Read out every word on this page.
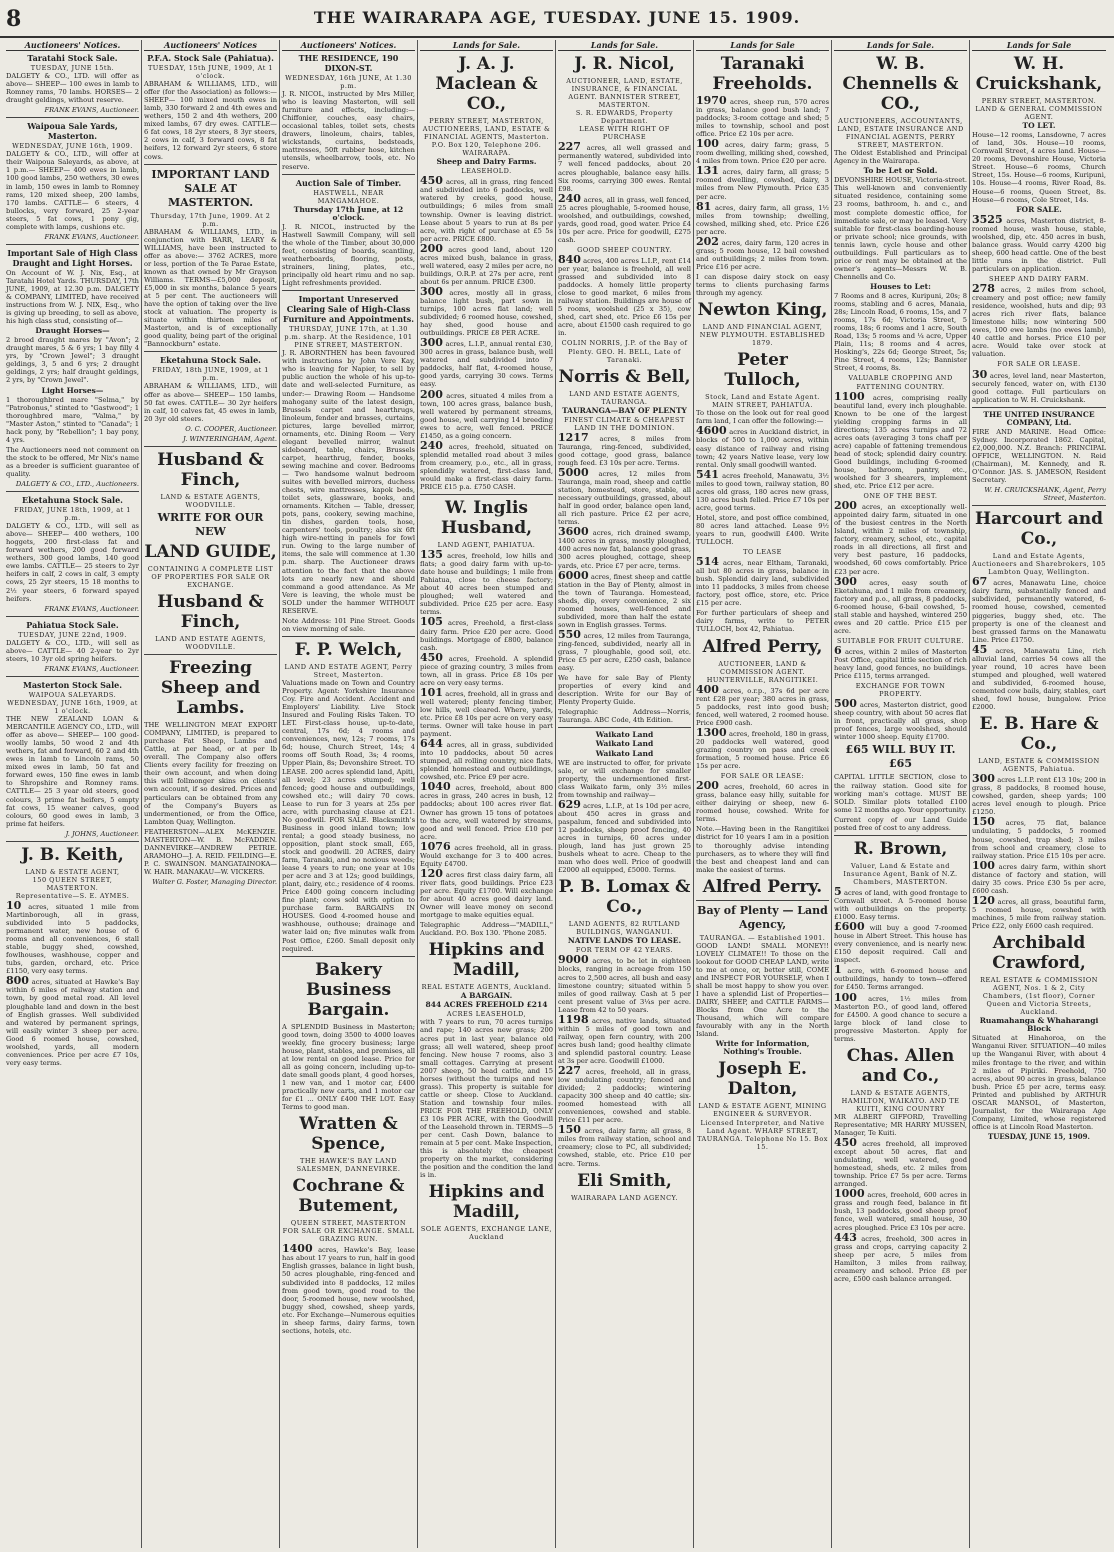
8	THE WAIRARAPA AGE, TUESDAY. JUNE 15. 1909.
Auctioneers' Notices.
Taratahi Stock Sale.
TUESDAY, JUNE 15th.

DALGETY & CO., LTD. will offer as above— SHEEP— 100 ewes in lamb to Romney rams, 70 lambs. HORSES— 2 draught geldings, without reserve.

FRANK EVANS, Auctioneer.
Waipoua Sale Yards, Masterton.
WEDNESDAY, JUNE 16th, 1909.

DALGETY & CO., LTD., will offer at their Waipoua Saleyards, as above, at 1 p.m.— SHEEP— 400 ewes in lamb, 100 good lambs, 250 wethers, 30 ewes in lamb, 150 ewes in lamb to Romney rams, 120 mixed sheep, 200 lambs, 170 lambs. CATTLE— 6 steers, 4 bullocks, very forward, 25 2-year steers, 5 fat cows, 1 pony gig, complete with lamps, cushions etc.

FRANK EVANS, Auctioneer.
Important Sale of High Class Draught and Light Horses.

On Account of W. J. Nix, Esq., at Taratahi Hotel Yards. THURSDAY, 17th JUNE, 1909, at 12.30 p.m. DALGETY & COMPANY, LIMITED, have received instructions from W. J. NIX, Esq., who is giving up breeding, to sell as above, his high class stud, consisting of—

Draught Horses—

2 brood draught mares by "Avon"; 2 draught mares, 5 & 6 yrs; 1 bay filly 4 yrs, by "Crown Jewel"; 3 draught geldings, 3, 5 and 6 yrs; 2 draught geldings, 2 yrs; half draught geldings, 2 yrs, by "Crown Jewel".

Light Horses—

1 thoroughbred mare "Selma," by "Patrobonus," stinted to "Gastwood"; 1 thoroughbred mare, "Valma," by "Master Aston," stinted to "Canada"; 1 hack pony, by "Rebellion"; 1 bay pony, 4 yrs.

The Auctioneers need not comment on the stock to be offered, Mr Nix's name as a breeder is sufficient guarantee of quality.

DALGETY & CO., LTD., Auctioneers.
Eketahuna Stock Sale.
FRIDAY, JUNE 18th, 1909, at 1 p.m.

DALGETY & CO., LTD., will sell as above— SHEEP— 400 wethers, 100 hoggets, 200 first-class fat and forward wethers, 200 good forward wethers, 300 good lambs, 140 good ewe lambs. CATTLE— 25 steers to 2yr heifers in calf, 2 cows in calf, 3 empty cows, 25 2yr steers, 15 18 months to 2½ year steers, 6 forward spayed heifers.

FRANK EVANS, Auctioneer.
Pahiatua Stock Sale.
TUESDAY, JUNE 22nd, 1909.

DALGETY & CO., LTD., will sell as above— CATTLE— 40 2-year to 2yr steers, 10 3yr old spring heifers.

FRANK EVANS, Auctioneer.
Masterton Stock Sale.
WAIPOUA SALEYARDS.
WEDNESDAY, JUNE 16th, 1909, at 1 o'clock.

THE NEW ZEALAND LOAN & MERCANTILE AGENCY CO., LTD., will offer as above— SHEEP— 100 good-woolly lambs, 50 wood 2 and 4th wethers, fat and forward, 60 2 and 4th ewes in lamb to Lincoln rams, 50 mixed ewes in lamb, 50 fat and forward ewes, 150 fine ewes in lamb to Shropshire and Romney rams. CATTLE— 25 3 year old steers, good colours, 3 prime fat heifers, 5 empty fat cows, 15 weaner calves, good colours, 60 good ewes in lamb, 3 prime fat heifers.

J. JOHNS, Auctioneer.
J. B. Keith,
LAND & ESTATE AGENT,
150 QUEEN STREET, MASTERTON.
Representative—S. E. AYMES.

10 acres, situated 1 mile from Martinborough, all in grass, subdivided into 5 paddocks, permanent water, new house of 6 rooms and all conveniences, 6 stall stable, buggy shed, cowshed, fowlhouses, washhouse, copper and tubs, garden, orchard, etc. Price £1150, very easy terms.

800 acres, situated at Hawke's Bay within 6 miles of railway station and town, by good metal road. All level ploughable land and down in the best of English grasses. Well subdivided and watered by permanent springs, will easily winter 3 sheep per acre. Good 6 roomed house, cowshed, woolshed, yards, all modern conveniences. Price per acre £7 10s, very easy terms.

Auctioneers' Notices
P.F.A. Stock Sale (Pahiatua).
TUESDAY, 15th JUNE, 1909, At 1 o'clock.

ABRAHAM & WILLIAMS, LTD., will offer (for the Association) as follows:— SHEEP— 100 mixed mouth ewes in lamb, 330 forward 2 and 4th ewes and wethers, 150 2 and 4th wethers, 200 mixed lambs, 67 dry ewes. CATTLE— 6 fat cows, 18 2yr steers, 8 3yr steers, 2 cows in calf, 3 forward cows, 8 fat heifers, 12 forward 2yr steers, 6 store cows.

IMPORTANT LAND SALE AT MASTERTON.
Thursday, 17th June, 1909. At 2 p.m.

ABRAHAM & WILLIAMS, LTD., in conjunction with BARR, LEARY & WILLIAMS, have been instructed to offer as above:— 3762 ACRES, more or less, portion of the Te Parae Estate, known as that owned by Mr Grayson Williams. TERMS—£5,000 deposit, £5,000 in six months, balance 5 years at 5 per cent. The auctioneers will have the option of taking over the live stock at valuation. The property is situate within thirteen miles of Masterton, and is of exceptionally good quality, being part of the original "Bannockburn" estate.

Eketahuna Stock Sale.
FRIDAY, 18th JUNE, 1909, at 1 p.m.

ABRAHAM & WILLIAMS, LTD., will offer as above— SHEEP— 150 lambs, 50 fat ewes. CATTLE— 30 2yr heifers in calf, 10 calves fat, 45 ewes in lamb, 20 3yr old steers.

O. C. COOPER, Auctioneer.
J. WINTERINGHAM, Agent.
Husband & Finch,
LAND & ESTATE AGENTS, WOODVILLE.
WRITE FOR OUR NEW
LAND GUIDE,
CONTAINING A COMPLETE LIST OF PROPERTIES FOR SALE OR EXCHANGE.
Husband & Finch,
LAND AND ESTATE AGENTS, WOODVILLE.
Freezing Sheep and Lambs.

THE WELLINGTON MEAT EXPORT COMPANY, LIMITED, is prepared to purchase Fat Sheep, Lambs and Cattle, at per head, or at per lb overall. The Company also offers Clients every facility for freezing on their own account, and when doing this will follmonger skins on clients' own account, if so desired. Prices and particulars can be obtained from any of the Company's Buyers as undermentioned, or from the Office, Lambton Quay, Wellington.

FEATHERSTON—ALEX McKENZIE. MASTERTON—W. B. McFADDEN. DANNEVIRKE—ANDREW PETRIE. ARAMOHO—J. A. REID. FEILDING—E. P. C. SWAINSON. MANGATAINOKA—W. HAIR. MANAKAU—W. VICKERS.

Walter G. Foster, Managing Director.
Auctioneers' Notices.
THE RESIDENCE, 190 DIXON-ST.
WEDNESDAY, 16th JUNE, At 1.30 p.m.

J. R. NICOL, instructed by Mrs Miller, who is leaving Masterton, will sell furniture and effects, including:—Chiffonier, couches, easy chairs, occasional tables, toilet sets, chests drawers, linoleum, chairs, tables, wickstands, curtains, bedsteads, mattresses, 50ft rubber hose, kitchen utensils, wheelbarrow, tools, etc. No reserve.

Auction Sale of Timber.
HASTWELL, NEAR MANGAMAHOE.
Thursday 17th June, at 12 o'clock.

J. R. NICOL, instructed by the Hastwell Sawmill Company, will sell the whole of the Timber, about 30,000 feet, consisting of boards, scantling, weatherboards, flooring, posts, strainers, lining, plates, etc., principally old heart rimu and no sap. Light refreshments provided.

Important Unreserved Clearing Sale of High-Class Furniture and Appointments.
THURSDAY, JUNE 17th, at 1.30 p.m. sharp. At the Residence, 101 PINE STREET, MASTERTON.

J. R. ABORNTHEN has been favoured with instructions by John Vere Kay, who is leaving for Napier, to sell by public auction the whole of his up-to-date and well-selected Furniture, as under:— Drawing Room — Handsome mahogany suite of the latest design, Brussels carpet and hearthrugs, linoleum, fender and brasses, curtains, pictures, large bevelled mirror, ornaments, etc. Dining Room — Very elegant bevelled mirror, walnut sideboard, table, chairs, Brussels carpet, hearthrug, fender, books, sewing machine and cover. Bedrooms — Two handsome walnut bedroom suites with bevelled mirrors, duchess chests, wire mattresses, kapok beds, toilet sets, glassware, books, and ornaments. Kitchen — Table, dresser, pots, pans, cookery, sewing machine, tin dishes, garden tools, hose, carpenters' tools, poultry; also six 6ft high wire-netting in panels for fowl run. Owing to the large number of items, the sale will commence at 1.30 p.m. sharp. The Auctioneer draws attention to the fact that the above lots are nearly new and should command a good attendance. As Mr Vere is leaving, the whole must be SOLD under the hammer WITHOUT RESERVE.

Note Address: 101 Pine Street. Goods on view morning of sale.

F. P. Welch,
LAND AND ESTATE AGENT, Perry Street, Masterton.

Valuations made on Town and Country Property. Agent: Yorkshire Insurance Coy. Fire and Accident. Accident and Employers' Liability. Live Stock Insured and Fouling Risks Taken. TO LET. First-class house, up-to-date, central, 17s 6d; 4 rooms and conveniences, new, 12s; 7 rooms, 17s 6d; house, Church Street, 14s; 4 rooms off South Road, 3s; 4 rooms, Upper Plain, 8s; Devonshire Street. TO LEASE. 200 acres splendid land, Apiti, all level; 23 acres stumped; well fenced; good house and outbuildings, cowshed etc.; will dairy 70 cows. Lease to run for 3 years at 25s per acre, with purchasing clause at £21. No goodwill. FOR SALE. Blacksmith's Business in good inland town; low rental; a good steady business, no opposition, plant stock small, £65, stock and goodwill. 20 ACRES, dairy farm, Taranaki, and no noxious weeds; lease 4 years to run; one year at 10s per acre and 3 at 12s; good buildings, plant, dairy, etc.; residence of 4 rooms. Price £400 going concern including fine plant; cows sold with option to purchase farm. BARGAINS IN HOUSES. Good 4-roomed house and washhouse, outhouse; drainage and water laid on; five minutes walk from Post Office, £260. Small deposit only required.

Bakery Business Bargain.

A SPLENDID Business in Masterton; good town, doing 3500 to 4000 loaves weekly, fine grocery business; large house, plant, stables, and premises, all at low rental on good lease. Price for all as going concern, including up-to-date small goods plant, 4 good horses, 1 new van, and 1 motor car, £400 practically new carts, and 1 motor car for £1 ... ONLY £400 THE LOT. Easy Terms to good man.

Wratten & Spence,
THE HAWKE'S BAY LAND SALESMEN, DANNEVIRKE.
Cochrane & Butement,
QUEEN STREET, MASTERTON
FOR SALE OR EXCHANGE. SMALL GRAZING RUN.

1400 acres, Hawke's Bay, lease has about 17 years to run, half in good English grasses, balance in light bush, 50 acres ploughable, ring-fenced and subdivided into 8 paddocks, 12 miles from good town, good road to the door, 5-roomed house, new woolshed, buggy shed, cowshed, sheep yards, etc. For Exchange—Numerous equities in sheep farms, dairy farms, town sections, hotels, etc.

Lands for Sale.
J. A. J. Maclean & CO.,
PERRY STREET, MASTERTON, AUCTIONEERS, LAND, ESTATE & FINANCIAL AGENTS, Masterton. P.O. Box 120, Telephone 206. WAIRARAPA.
Sheep and Dairy Farms.
LEASEHOLD.

450 acres, all in grass, ring fenced and subdivided into 6 paddocks, well watered by creeks, good house, outbuildings; 6 miles from small township. Owner is leaving district. Lease about 5 years to run at 8s per acre, with right of purchase at £5 5s per acre. PRICE £800.

200 acres good land, about 120 acres mixed bush, balance in grass, well watered, easy 2 miles per acre, no buildings, O.R.P. at 27s per acre, rent about 6s per annum. PRICE £300.

300 acres, mostly all in grass, balance light bush, part sown in turnips, 100 acres flat land; well subdivided; 6 roomed house, cowshed, hay shed, good house and outbuildings. PRICE £8 PER ACRE.

300 acres, L.I.P., annual rental £30, 300 acres in grass, balance bush, well watered and subdivided into 7 paddocks, half flat, 4-roomed house, good yards, carrying 30 cows. Terms easy.

200 acres, situated 4 miles from a town, 100 acres grass, balance bush, well watered by permanent streams, good house, well carrying 14 breeding ewes to acre, well fenced. PRICE £1450, as a going concern.

240 acres, freehold, situated on splendid metalled road about 3 miles from creamery, p.o., etc., all in grass, splendidly watered, first-class land, would make a first-class dairy farm. PRICE £15 p.a. £750 CASH.

W. Inglis Husband,
LAND AGENT, PAHIATUA.

135 acres, freehold, low hills and flats; a good dairy farm with up-to-date house and buildings; 1 mile from Pahiatua, close to cheese factory; about 40 acres been stumped and ploughed; well watered and subdivided. Price £25 per acre. Easy terms.

105 acres, Freehold, a first-class dairy farm. Price £20 per acre. Good buildings. Mortgage of £800, balance cash.

450 acres, Freehold. A splendid piece of grazing country, 3 miles from town, all in grass. Price £8 10s per acre on very easy terms.

101 acres, freehold, all in grass and well watered; plenty fencing timber, low hills, well cleared. Where, yards, etc. Price £8 10s per acre on very easy terms. Owner will take house in part payment.

644 acres, all in grass, subdivided into 10 paddocks, about 50 acres stumped, all rolling country, nice flats, splendid homestead and outbuildings, cowshed, etc. Price £9 per acre.

1040 acres, freehold, about 800 acres in grass, 240 acres in bush, 12 paddocks; about 100 acres river flat. Owner has grown 15 tons of potatoes to the acre, well watered by streams, good and well fenced. Price £10 per acre.

1076 acres freehold, all in grass. Would exchange for 3 to 400 acres. Equity £4700.

120 acres first class dairy farm, all river flats, good buildings. Price £23 per acre. Equity £1700. Will exchange for about 40 acres good dairy land. Owner will leave money on second mortgage to make equities equal.

Telegraphic Address—"MADILL," Auckland. P.O. Box 130. 'Phone 2085.

Hipkins and Madill,
REAL ESTATE AGENTS, Auckland.
A BARGAIN.
844 ACRES FREEHOLD £214
ACRES LEASEHOLD,

with 7 years to run, 70 acres turnips and rape; 140 acres new grass; 200 acres put in last year, balance old grass; all well watered, sheep proof fencing. New house 7 rooms, also 3 small cottages. Carrying at present 2007 sheep, 50 head cattle, and 15 horses (without the turnips and new grass). This property is suitable for cattle or sheep. Close to Auckland. Station and township four miles. PRICE FOR THE FREEHOLD, ONLY £3 10s PER ACRE, with the Goodwill of the Leasehold thrown in. TERMS—5 per cent. Cash Down, balance to remain at 5 per cent. Make Inspection, this is absolutely the cheapest property on the market, considering the position and the condition the land is in.

Hipkins and Madill,
SOLE AGENTS, EXCHANGE LANE, Auckland
Lands for Sale.
J. R. Nicol,
AUCTIONEER, LAND, ESTATE, INSURANCE, & FINANCIAL AGENT. BANNISTER STREET, MASTERTON.
S. R. EDWARDS, Property Department.
LEASE WITH RIGHT OF PURCHASE

227 acres, all well grassed and permanently watered, subdivided into 7 well fenced paddocks, about 20 acres ploughable, balance easy hills. Six rooms, carrying 300 ewes. Rental £98.

240 acres, all in grass, well fenced, 25 acres ploughable, 5-roomed house, woolshed, and outbuildings, cowshed, yards, good road, good water. Price £4 10s per acre. Price for goodwill, £275 cash.

GOOD SHEEP COUNTRY.

840 acres, 400 acres L.I.P., rent £14 per year, balance is freehold, all well grassed and subdivided into 8 paddocks. A homely little property close to good market, 6 miles from railway station. Buildings are house of 5 rooms, woolshed (25 x 35), cow shed, cart shed, etc. Price £6 15s per acre, about £1500 cash required to go in.

COLIN NORRIS, J.P. of the Bay of Plenty. GEO. H. BELL, Late of Taranaki.
Norris & Bell,
LAND AND ESTATE AGENTS, TAURANGA.
TAURANGA—BAY OF PLENTY
FINEST CLIMATE & CHEAPEST LAND IN THE DOMINION.

1217 acres, 8 miles from Tauranga, ring-fenced, subdivided, good cottage, good grass, balance rough feed. £3 10s per acre. Terms.

5000 acres, 12 miles from Tauranga, main road, sheep and cattle station, homestead, store, stable, all necessary outbuildings, grassed, about half in good order, balance open land, all rich pasture. Price £2 per acre, terms.

3600 acres, rich drained swamp, 1400 acres in grass, mostly ploughed, 400 acres now fat, balance good grass, 300 acres ploughed, cottage, sheep yards, etc. Price £7 per acre, terms.

6000 acres, finest sheep and cattle station in the Bay of Plenty, almost in the town of Tauranga. Homestead, sheds, dip, every convenience, 2 six roomed houses, well-fenced and subdivided, more than half the estate sown in English grasses. Terms.

550 acres, 12 miles from Tauranga, ring-fenced, subdivided, nearly all in grass, 7 ploughable, good soil, etc. Price £5 per acre, £250 cash, balance easy.

We have for sale Bay of Plenty properties of every kind and description. Write for our Bay of Plenty Property Guide.

Telegraphic Address—Norris, Tauranga. ABC Code, 4th Edition.

Waikato Land
Waikato Land
Waikato Land

WE are instructed to offer, for private sale, or will exchange for smaller property, the undermentioned first-class Waikato farm, only 3½ miles from township and railway—

629 acres, L.I.P., at 1s 10d per acre, about 450 acres in grass and paspalum, fenced and subdivided into 12 paddocks, sheep proof fencing, 40 acres in turnips, 60 acres under plough, land has just grown 25 bushels wheat to acre. Cheap to the man who does well. Price of goodwill £2000 all equipped, £5000. Terms.

P. B. Lomax & Co.,
LAND AGENTS, 82 RUTLAND BUILDINGS, WANGANUI.
NATIVE LANDS TO LEASE.
FOR TERM OF 42 YEARS.

9000 acres, to be let in eighteen blocks, ranging in acreage from 150 acres to 2,500 acres, all bush and easy limestone country; situated within 5 miles of good railway. Cash at 5 per cent present value of 3¼s per acre. Lease from 42 to 50 years.

1198 acres, native lands, situated within 5 miles of good town and railway, open fern country, with 200 acres bush land; good healthy climate and splendid pastoral country. Lease at 3s per acre. Goodwill £1000.

227 acres, freehold, all in grass, low undulating country; fenced and divided; 2 paddocks; wintering capacity 300 sheep and 40 cattle; six-roomed homestead with all conveniences, cowshed and stable. Price £11 per acre.

150 acres, dairy farm; all grass, 8 miles from railway station, school and creamery; close to PC, all subdivided; cowshed, stable, etc. Price £10 per acre. Terms.

Eli Smith,
WAIRARAPA LAND AGENCY.
Lands for Sale
Taranaki Freeholds.

1970 acres, sheep run, 570 acres in grass, balance good bush land; 7 paddocks; 3-room cottage and shed; 5 miles to township, school and post office. Price £2 10s per acre.

100 acres, dairy farm; grass, 5 room dwelling, milking shed, cowshed, 4 miles from town. Price £20 per acre.

131 acres, dairy farm, all grass; 5 roomed dwelling, cowshed, dairy, 3 miles from New Plymouth. Price £35 per acre.

81 acres, dairy farm, all grass, 1½ miles from township; dwelling, cowshed, milking shed, etc. Price £26 per acre.

202 acres, dairy farm, 120 acres in grass; 5 room house, 12 bail cowshed and outbuildings; 2 miles from town. Price £16 per acre.

I can dispose dairy stock on easy terms to clients purchasing farms through my agency.

Newton King,
LAND AND FINANCIAL AGENT, NEW PLYMOUTH. ESTABLISHED 1879.
Peter Tulloch,
Stock, Land and Estate Agent. MAIN STREET, PAHIATUA.

To those on the look out for real good farm land, I can offer the following:—

4600 acres in Auckland district, in blocks of 500 to 1,000 acres, within easy distance of railway and rising town; 42 years Native lease, very low rental. Only small goodwill wanted.

541 acres freehold, Manawatu, 3½ miles to good town, railway station, 80 acres old grass, 180 acres new grass, 130 acres bush felled. Price £7 10s per acre, good terms.

Hotel, store, and post office combined, 80 acres land attached. Lease 9½ years to run, goodwill £400. Write TULLOCH.

TO LEASE

514 acres, near Eltham, Taranaki, all but 80 acres in grass, balance in bush. Splendid dairy land, subdivided into 11 paddocks, 3 miles from cheese factory, post office, store, etc. Price £15 per acre.

For further particulars of sheep and dairy farms, write to PETER TULLOCH, box 42, Pahiatua.

Alfred Perry,
AUCTIONEER, LAND & COMMISSION AGENT. HUNTERVILLE, RANGITIKEI.

400 acres, o.r.p., 37s 6d per acre rent £28 per year; 380 acres in grass, 5 paddocks, rest into good bush; fenced, well watered, 2 roomed house. Price £900 cash.

1300 acres, freehold, 180 in grass, 20 paddocks well watered, good grazing country on pass and creek formation, 5 roomed house. Price £6 15s per acre.

FOR SALE OR LEASE:

200 acres, freehold, 60 acres in grass, balance easy hilly, suitable for either dairying or sheep, new 6-roomed house, cowshed. Write for terms.

Note.—Having been in the Rangitikei district for 10 years I am in a position to thoroughly advise intending purchasers, as to where they will find the best and cheapest land and can make the easiest of terms.

Alfred Perry.
Bay of Plenty — Land Agency,
TAURANGA. — Established 1901.

GOOD LAND! SMALL MONEY!! LOVELY CLIMATE!! To those on the lookout for GOOD CHEAP LAND, write to me at once, or, better still, COME and INSPECT FOR YOURSELF, when I shall be most happy to show you over. I have a splendid List of Properties—DAIRY, SHEEP, and CATTLE FARMS—Blocks from One Acre to the Thousand, which will compare favourably with any in the North Island.

Write for Information, Nothing's Trouble.
Joseph E. Dalton,
LAND & ESTATE AGENT, MINING ENGINEER & SURVEYOR. Licensed Interpreter, and Native Land Agent. WHARF STREET, TAURANGA. Telephone No 15. Box 15.
Lands for Sale.
W. B. Chennells & CO.,
AUCTIONEERS, ACCOUNTANTS, LAND, ESTATE INSURANCE AND FINANCIAL AGENTS, PERRY STREET, MASTERTON.

The Oldest Established and Principal Agency in the Wairarapa.

To be Let or Sold.

DEVONSHIRE HOUSE, Victoria-street. This well-known and conveniently situated residence, containing some 23 rooms, bathroom, h. and c., and most complete domestic office, for immediate sale, or may be leased. Very suitable for first-class boarding-house or private school; nice grounds, with tennis lawn, cycle house and other outbuildings. Full particulars as to price or rent may be obtained at the owner's agents—Messrs W. B. Chennells and Co.

Houses to Let:

7 Rooms and 8 acres, Kuripuni, 20s; 8 rooms, stabling and 6 acres, Manaia, 28s; Lincoln Road, 6 rooms, 15s, and 7 rooms, 17s 6d; Victoria Street, 5 rooms, 18s; 6 rooms and 1 acre, South Road, 13s; 5 rooms and ¼ acre, Upper Plain, 11s; 8 rooms and 4 acres, Hosking's, 22s 6d; George Street, 5s; Pine Street, 4 rooms, 12s; Bannister Street, 4 rooms, 8s.

VALUABLE CROPPING AND FATTENING COUNTRY.

1100 acres, comprising really beautiful land, every inch ploughable. Known to be one of the largest yielding cropping farms in all directions; 135 acres turnips and 72 acres oats (averaging 3 tons chaff per acre) capable of fattening tremendous head of stock; splendid dairy country. Good buildings, including 6-roomed house, bathroom, pantry, etc., woolshed for 3 shearers, implement shed, etc. Price £12 per acre.

ONE OF THE BEST.

200 acres, an exceptionally well-appointed dairy farm, situated in one of the busiest centres in the North Island, within 2 miles of township, factory, creamery, school, etc., capital roads in all directions, all first and very best pasture, 16 paddocks, woodshed, 60 cows comfortably. Price £23 per acre.

300 acres, easy south of Eketahuna, and 1 mile from creamery, factory and p.o., all grass, 8 paddocks, 6-roomed house, 6-bail cowshed, 5-stall stable and hayshed, wintered 250 ewes and 20 cattle. Price £15 per acre.

SUITABLE FOR FRUIT CULTURE.

6 acres, within 2 miles of Masterton Post Office, capital little section of rich heavy land, good fences, no buildings. Price £115, terms arranged.

EXCHANGE FOR TOWN PROPERTY.

500 acres, Masterton district, good sheep country, with about 50 acres flat in front, practically all grass, shop proof fences, large woolshed, should winter 1000 sheep. Equity £1700.

£65 WILL BUY IT. £65

CAPITAL LITTLE SECTION, close to the railway station. Good site for working man's cottage. MUST BE SOLD. Similar plots totalled £100 some 12 months ago. Your opportunity.

Current copy of our Land Guide posted free of cost to any address.

R. Brown,
Valuer, Land & Estate and Insurance Agent, Bank of N.Z. Chambers, MASTERTON.

5 acres of land, with good frontage to Cornwall street. A 5-roomed house with outbuildings on the property. £1000. Easy terms.

£600 will buy a good 7-roomed house in Albert Street. This house has every convenience, and is nearly new. £150 deposit required. Call and inspect.

1 acre, with 6-roomed house and outbuildings, handy to town—offered for £450. Terms arranged.

100 acres, 1½ miles from Masterton P.O., of good land, offered for £4500. A good chance to secure a large block of land close to progressive Masterton. Apply for terms.

Chas. Allen and Co.,
LAND & ESTATE AGENTS, HAMILTON, WAIKATO. AND TE KUITI, KING COUNTRY

MR ALBERT GIFFORD, Travelling Representative; MR HARRY MUSSEN, Manager, Te Kuiti.

450 acres freehold, all improved except about 50 acres, flat and undulating, well watered, good homestead, sheds, etc. 2 miles from township. Price £7 5s per acre. Terms arranged.

1000 acres, freehold, 600 acres in grass and rough feed, balance in fit bush, 13 paddocks, good sheep proof fence, well watered, small house, 30 acres ploughed. Price £3 10s per acre.

443 acres, freehold, 300 acres in grass and crops, carrying capacity 2 sheep per acre, 5 miles from Hamilton, 3 miles from railway, creamery and school. Price £8 per acre, £500 cash balance arranged.

Lands for Sale
W. H. Cruickshank,
PERRY STREET, MASTERTON. LAND & GENERAL COMMISSION AGENT.
TO LET.

House—12 rooms, Lansdowne, 7 acres of land, 30s. House—10 rooms, Cornwall Street, 4 acres land. House—20 rooms, Devonshire House, Victoria Street. House—6 rooms, Church Street, 15s. House—6 rooms, Kuripuni, 10s. House—4 rooms, River Road, 8s. House—6 rooms, Queen Street, 8s. House—6 rooms, Cole Street, 14s.

FOR SALE.

3525 acres, Masterton district, 8-roomed house, wash house, stable, woolshed, dip, etc. 450 acres in bush, balance grass. Would carry 4200 big sheep, 600 head cattle. One of the best little runs in the district. Full particulars on application.

SHEEP AND DAIRY FARM.

278 acres, 2 miles from school, creamery and post office; new family residence, woolshed, huts and dip; 93 acres rich river flats, balance limestone hills; now wintering 500 ewes, 100 ewe lambs (no ewes lamb), 40 cattle and horses. Price £10 per acre. Would take over stock at valuation.

FOR SALE OR LEASE.

30 acres, level land, near Masterton, securely fenced, water on, with £130 good cottage. Full particulars on application to W. H. Cruickshank.

THE UNITED INSURANCE COMPANY, Ltd.

FIRE AND MARINE. Head Office: Sydney. Incorporated 1862. Capital, £2,000,000. N.Z. Branch: PRINCIPAL OFFICE, WELLINGTON. N. Reid (Chairman), M. Kennedy, and R. O'Connor. JAS. S. JAMESON, Resident Secretary.

W. H. CRUICKSHANK, Agent, Perry Street, Masterton.
Harcourt and Co.,
Land and Estate Agents, Auctioneers and Sharebrokers, 105 Lambton Quay, Wellington.

67 acres, Manawatu Line, choice dairy farm, substantially fenced and subdivided, permanently watered, 6-roomed house, cowshed, cemented piggeries, buggy shed, etc. The property is one of the cleanest and best grassed farms on the Manawatu Line. Price £1750.

45 acres, Manawatu Line, rich alluvial land, carries 54 cows all the year round, 10 acres have been stumped and ploughed, well watered and subdivided, 6-roomed house, cemented cow bails, dairy, stables, cart shed, fowl house, bungalow. Price £2000.

E. B. Hare & Co.,
LAND, ESTATE & COMMISSION AGENTS, Pahiatua.

300 acres L.I.P. rent £13 10s; 200 in grass, 8 paddocks, 8 roomed house, cowshed, garden, sheep yards; 100 acres level enough to plough. Price £1250.

150 acres, 75 flat, balance undulating, 5 paddocks, 5 roomed house, cowshed, trap shed; 3 miles from school and creamery, close to railway station. Price £15 10s per acre.

100 acres dairy farm, within short distance of factory and station, will dairy 35 cows. Price £30 5s per acre, £600 cash.

120 acres, all grass, beautiful farm, 5 roomed house, cowshed with machines, 5 mile from railway station. Price £22, only £600 cash required.

Archibald Crawford,
REAL ESTATE & COMMISSION AGENT, Nos. 1 & 2, City Chambers, (1st floor), Corner Queen and Victoria Streets, Auckland.
Ruamahanga & Whaharangi Block

Situated at Hinahoroa, on the Wanganui River. SITUATION—40 miles up the Wanganui River, with about 4 miles frontage to the river, and within 2 miles of Pipiriki. Freehold, 750 acres, about 90 acres in grass, balance bush. Price £5 per acre, terms easy. Printed and published by ARTHUR OSCAR MANSOL, of Masterton, Journalist, for the Wairarapa Age Company, Limited, whose registered office is at Lincoln Road Masterton.

TUESDAY, JUNE 15, 1909.
